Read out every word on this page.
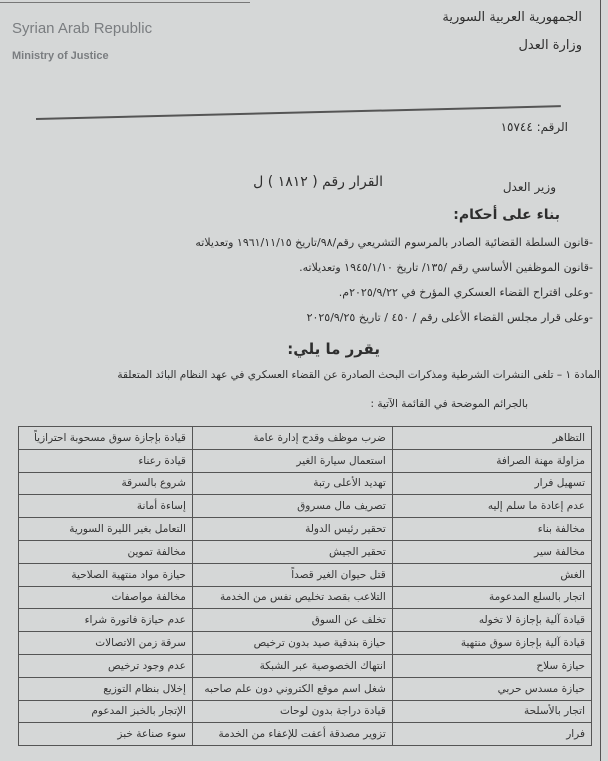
Syrian Arab Republic
Ministry of Justice
الجمهورية العربية السورية
وزارة العدل
الرقم: ١٥٧٤٤
القرار رقم ( ١٨١٢ ) ل	وزير العدل
بناء على أحكام:
-قانون السلطة القضائية الصادر بالمرسوم التشريعي رقم/٩٨/تاريخ ١٩٦١/١١/١٥ وتعديلاته
-قانون الموظفين الأساسي رقم /١٣٥/ تاريخ ١٩٤٥/١/١٠ وتعديلاته.
-وعلى اقتراح القضاء العسكري المؤرخ في ٢٠٢٥/٩/٢٢م.
-وعلى قرار مجلس القضاء الأعلى رقم / ٤٥٠ / تاريخ ٢٠٢٥/٩/٢٥
يقرر ما يلي:
المادة ١ – تلغى النشرات الشرطية ومذكرات البحث الصادرة عن القضاء العسكري في عهد النظام البائد المتعلقة
بالجرائم الموضحة في القائمة الآتية :
التظاهر	ضرب موظف وقدح إدارة عامة	قيادة بإجازة سوق مسحوبة احترازياً
مزاولة مهنة الصرافة	استعمال سيارة الغير	قيادة رعناء
تسهيل فرار	تهديد الأعلى رتبة	شروع بالسرقة
عدم إعادة ما سلم إليه	تصريف مال مسروق	إساءة أمانة
مخالفة بناء	تحقير رئيس الدولة	التعامل بغير الليرة السورية
مخالفة سير	تحقير الجيش	مخالفة تموين
الغش	قتل حيوان الغير قصداً	حيازة مواد منتهية الصلاحية
اتجار بالسلع المدعومة	التلاعب بقصد تخليص نفس من الخدمة	مخالفة مواصفات
قيادة آلية بإجازة لا تخوله	تخلف عن السوق	عدم حيازة فاتورة شراء
قيادة آلية بإجازة سوق منتهية	حيازة بندقية صيد بدون ترخيص	سرقة زمن الاتصالات
حيازة سلاح	انتهاك الخصوصية عبر الشبكة	عدم وجود ترخيص
حيازة مسدس حربي	شغل اسم موقع الكتروني دون علم صاحبه	إخلال بنظام التوزيع
اتجار بالأسلحة	قيادة دراجة بدون لوحات	الإتجار بالخبز المدعوم
فرار	تزوير مصدقة أعفت للإعفاء من الخدمة	سوء صناعة خبز
